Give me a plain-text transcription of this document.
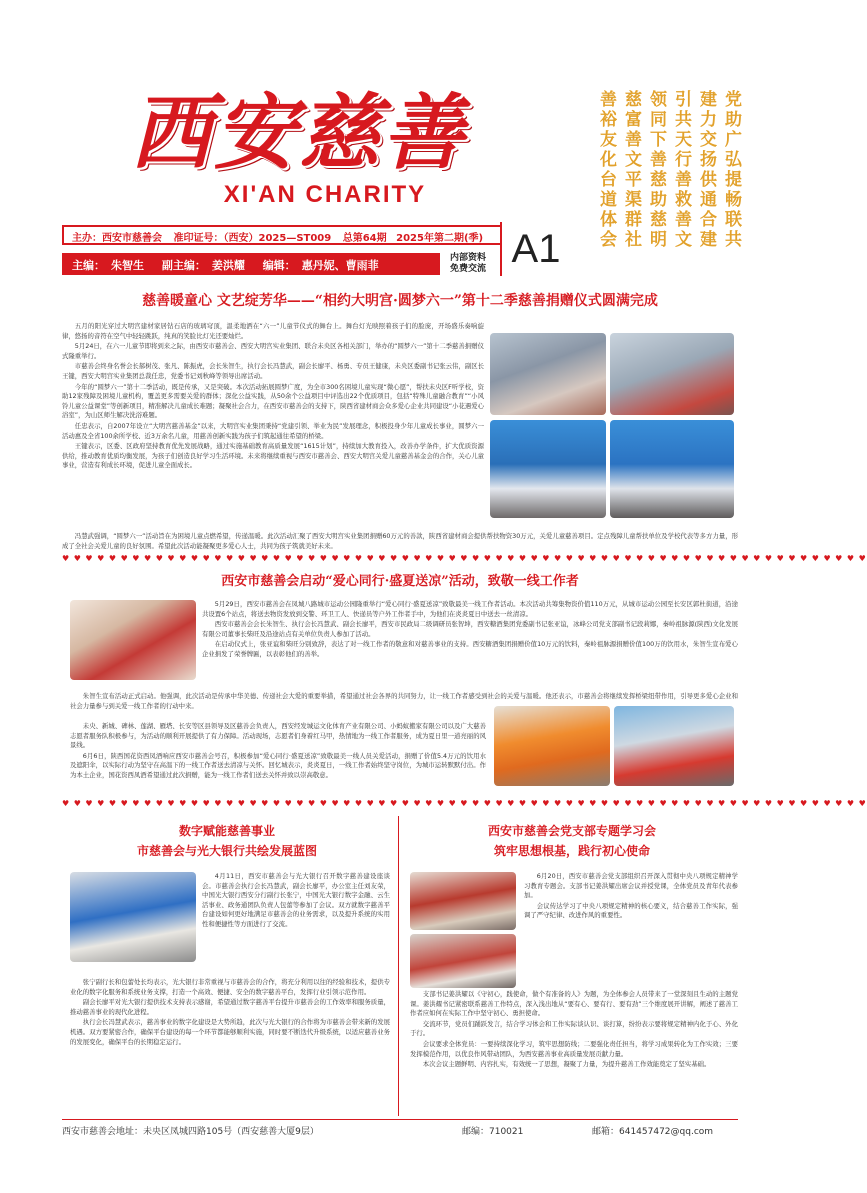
西安慈善
XI'AN CHARITY	善裕友化台道体会 慈富善文平渠群社 领同下善慈助慈明 引共天行善救善文 建力交扬供通合建 党助广弘提畅联共
主办：西安市慈善会 准印证号：（西安）2025—ST009 总第64期 2025年第二期(季)
主编： 朱智生 副主编： 姜洪耀 编辑： 惠丹妮、曹雨菲
内部资料
免费交流 A1
慈善暖童心 文艺绽芳华——“相约大明宫·圆梦六一”第十二季慈善捐赠仪式圆满完成

五月的阳光穿过大明宫建材家居钻石店的玻璃穹顶，温柔地洒在“六一”儿童节仪式的舞台上。舞台灯光映照着孩子们的脸庞，开场盛乐奏响旋律，悠扬的音符在空气中轻轻跳跃，纯真的笑脸比灯光还要灿烂。

5月24日，在六一儿童节即将到来之际，由西安市慈善会、西安大明宫实业集团、联合未央区各相关部门，举办的“圆梦六一”第十二季慈善捐赠仪式隆重举行。

市慈善会终身名誉会长郝树茂、张凡、陈振虎，会长朱智生，执行会长冯慧武，副会长廖平、杨勇、专员王健康，未央区委副书记张云伟，副区长王键，西安大明宫实业集团总裁任忠，党委书记刘秋峰等领导出席活动。

今年的“圆梦六一”第十二季活动，既是传承，又是突破。本次活动拓展圆梦广度，为全市300名困境儿童实现“微心愿”，帮扶未央区F听学校，资助12家残障及困境儿童机构，覆盖更多需要关爱的群体；深化公益实践，从50余个公益项目中评选出22个优质项目，包括“特殊儿童融合教育”“小风铃儿童公益课堂”等创新项目，精准解决儿童成长难题；凝聚社会合力，在西安市慈善会的支持下，陕西省建材商会众多爱心企业共同建设“小花遇爱心浴室”，为山区师生解决洗浴难题。

任忠表示，自2007年设立“大明宫慈善基金”以来，大明宫实业集团秉持“党建引领、举业为民”发展理念，积极投身少年儿童成长事业，圆梦六一活动惠及全省100余所学校、近3万余名儿童，用慈善创新实践为孩子们筑起通往希望的桥梁。

王键表示，区委、区政府坚持教育优先发展战略，通过实施基础教育高质量发展“1615计划”，持续加大教育投入，改善办学条件，扩大优质资源供给，推动教育优质均衡发展，为孩子们创造良好学习生活环境。未来将继续重视与西安市慈善会、西安大明宫关爱儿童慈善基金会的合作，关心儿童事业，营造有利成长环境，促进儿童全面成长。

冯慧武强调，“圆梦六一”活动旨在为困境儿童点燃希望，传递温暖。此次活动汇聚了西安大明宫实业集团捐赠60万元的善款，陕西省建材商会提供帮扶物资30万元，关爱儿童慈善项目。定点残障儿童帮扶单位及学校代表等多方力量，形成了全社会关爱儿童的良好氛围。希望此次活动能凝聚更多爱心人士，共同为孩子筑就美好未来。

♥ ♥ ♥ ♥ ♥ ♥ ♥ ♥ ♥ ♥ ♥ ♥ ♥ ♥ ♥ ♥ ♥ ♥ ♥ ♥ ♥ ♥ ♥ ♥ ♥ ♥ ♥ ♥ ♥ ♥ ♥ ♥ ♥ ♥ ♥ ♥ ♥ ♥ ♥ ♥ ♥ ♥ ♥ ♥ ♥ ♥ ♥ ♥ ♥ ♥ ♥ ♥ ♥ ♥ ♥ ♥ ♥ ♥ ♥ ♥ ♥ ♥ ♥ ♥ ♥ ♥ ♥ ♥ ♥
西安市慈善会启动“爱心同行·盛夏送凉”活动，致敬一线工作者

5月29日，西安市慈善会在凤城八路城市运动公园隆重举行“爱心同行·盛夏送凉”致敬最美一线工作者活动。本次活动共筹集物资价值110万元，从城市运动公园至长安区郭杜街道，沿途共设置6个站点，将送去物资发放到交警、环卫工人、快递员等户外工作者手中，为他们在炎炎夏日中送去一丝清凉。

西安市慈善会会长朱智生、执行会长冯慧武、副会长廖平，西安市民政局二级调研员张智坤，西安糖酒集团党委副书记张亚谊，冰峰公司党支部副书记段莉娜，秦岭祖脉源(陕西)文化发展有限公司董事长柴旺及沿途站点有关单位负责人参加了活动。

在启动仪式上，张亚谊和柴旺分别致辞，表达了对一线工作者的敬意和对慈善事业的支持。西安糖酒集团捐赠价值10万元的饮料，秦岭祖脉源捐赠价值100万的饮用水，朱智生宣布爱心企业捐发了荣誉牌匾，以表彰他们的善举。

朱智生宣布活动正式启动。他强调，此次活动是传承中华美德、传递社会大爱的重要举措，希望通过社会各界的共同努力，让一线工作者感受到社会的关爱与温暖。他还表示，市慈善会将继续发挥桥梁纽带作用，引导更多爱心企业和社会力量参与到关爱一线工作者的行动中来。

未央、新城、碑林、莲湖、雁塔、长安等区县领导及区慈善会负责人，西安经发城运文化体育产业有限公司、小蚂蚁搬家有限公司以及广大慈善志愿者服务队积极参与，为活动的顺利开展提供了有力保障。活动现场，志愿者们身着红马甲，热情地为一线工作者服务，成为夏日里一道亮丽的风景线。

6月6日，陕西国花资西凤酒响应西安市慈善会号召，积极参加“爱心同行·盛夏送凉”致敬最美一线人员关爱活动，捐赠了价值5.4万元的饮用水及遮阳伞，以实际行动为坚守在高温下的一线工作者送去清凉与关怀。回忆城表示，炎炎夏日，一线工作者始终坚守岗位，为城市运转默默付出。作为本土企业，国花资西凤酒希望通过此次捐赠，能为一线工作者们送去关怀并致以崇高敬意。

♥ ♥ ♥ ♥ ♥ ♥ ♥ ♥ ♥ ♥ ♥ ♥ ♥ ♥ ♥ ♥ ♥ ♥ ♥ ♥ ♥ ♥ ♥ ♥ ♥ ♥ ♥ ♥ ♥ ♥ ♥ ♥ ♥ ♥ ♥ ♥ ♥ ♥ ♥ ♥ ♥ ♥ ♥ ♥ ♥ ♥ ♥ ♥ ♥ ♥ ♥ ♥ ♥ ♥ ♥ ♥ ♥ ♥ ♥ ♥ ♥ ♥ ♥ ♥ ♥ ♥ ♥ ♥ ♥
数字赋能慈善事业
市慈善会与光大银行共绘发展蓝图

4月11日，西安市慈善会与光大银行召开数字慈善建设座谈会。市慈善会执行会长冯慧武，副会长廖平，办公室主任刘友荣，中国光大银行西安分行副行长张宁，中国光大银行数字金融、云生活事业、政务通团队负责人包蕾等参加了会议。双方就数字慈善平台建设如何更好地满足市慈善会的业务需求，以及提升系统的实用性和便捷性等方面进行了交流。

张宁副行长和包蕾处长均表示，光大银行非常重视与市慈善会的合作，将充分利用以往的经验和技术，提供专业化的数字化服务和系统业务支撑，打造一个高效、便捷、安全的数字慈善平台，发挥行业引领示范作用。

副会长廖平对光大银行提供技术支持表示感谢，希望通过数字慈善平台提升市慈善会的工作效率和服务质量，推动慈善事业的现代化进程。

执行会长冯慧武表示，慈善事业的数字化建设是大势所趋，此次与光大银行的合作将为市慈善会带来新的发展机遇。双方要紧密合作，确保平台建设的每一个环节都能够顺利实施，同时要不断迭代升级系统，以适应慈善业务的发展变化，确保平台的长期稳定运行。

西安市慈善会党支部专题学习会
筑牢思想根基，践行初心使命

6月20日，西安市慈善会党支部组织召开深入贯彻中央八项规定精神学习教育专题会。支部书记姜洪耀出席会议并授党课，全体党员及青年代表参加。

会议传达学习了中央八项规定精神的核心要义，结合慈善工作实际，强调了严守纪律、改进作风的重要性。

支部书记姜洪耀以《守初心，践使命，做个有准备的人》为题，为全体参会人员带来了一堂深刻且生动的主题党课。姜洪耀书记紧密联系慈善工作特点，深入浅出地从“要有心、要有行、要有劲”三个维度展开讲解，阐述了慈善工作者应如何在实际工作中坚守初心、勇担使命。

交流环节，党员们踊跃发言，结合学习体会和工作实际谈认识、谈打算，纷纷表示要将规定精神内化于心、外化于行。

会议要求全体党员：一要持续深化学习，筑牢思想防线；二要强化责任担当，将学习成果转化为工作实效；三要发挥模范作用，以优良作风带动团队，为西安慈善事业高质量发展贡献力量。

本次会议主题鲜明、内容扎实，有效统一了思想，凝聚了力量，为提升慈善工作效能奠定了坚实基础。

西安市慈善会地址：未央区凤城四路105号（西安慈善大厦9层）	邮编：710021	邮箱：641457472@qq.com
